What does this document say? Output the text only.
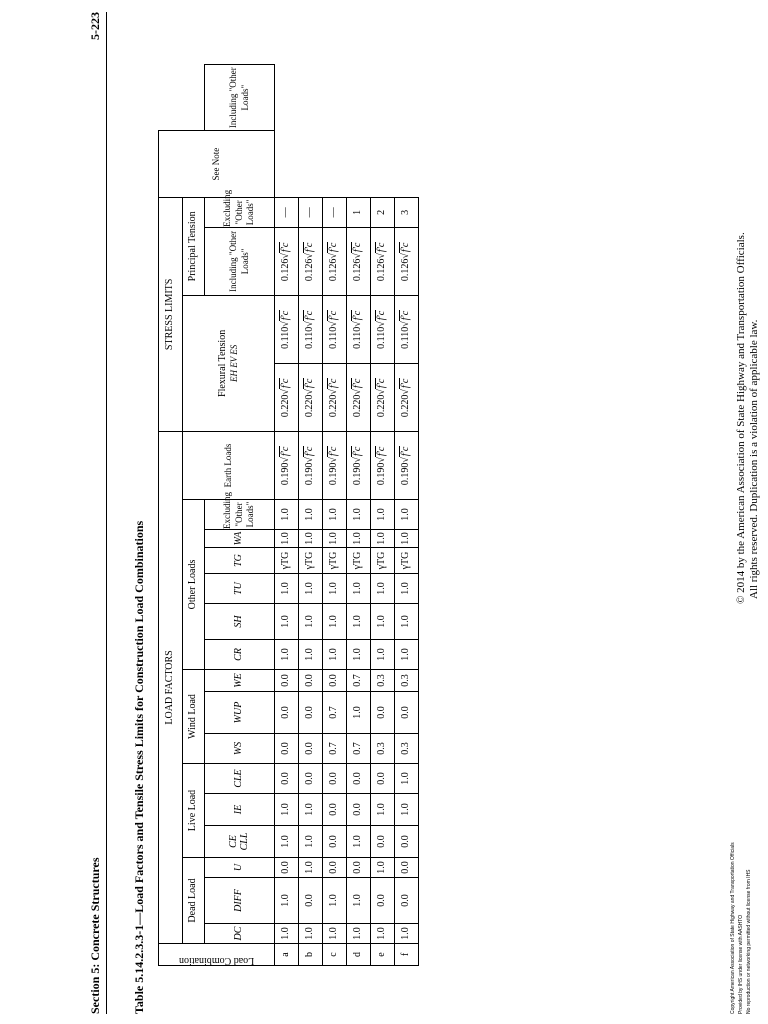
Section 5: Concrete Structures
5-223
Table 5.14.2.3.3-1—Load Factors and Tensile Stress Limits for Construction Load Combinations	Load Combination	LOAD FACTORS																STRESS LIMITS				See Note	
	Dead Load			Live Load			Wind Load			Other Loads						Earth Loads	Flexural Tension EH EV ES		Principal Tension			
	DC	DIFF	U	CE CLL	IE	CLE	WS	WUP	WE	CR	SH	TU	TG	WA	Excluding "Other Loads"				Including "Other Loads"	Excluding "Other Loads"		Including "Other Loads"
a	1.0	1.0	0.0	1.0	1.0	0.0	0.0	0.0	0.0	1.0	1.0	1.0	γTG	1.0	1.0	0.190√f′c	0.220√f′c	0.110√f′c	0.126√f′c	—		
b	1.0	0.0	1.0	1.0	1.0	0.0	0.0	0.0	0.0	1.0	1.0	1.0	γTG	1.0	1.0	0.190√f′c	0.220√f′c	0.110√f′c	0.126√f′c	—		
c	1.0	1.0	0.0	0.0	0.0	0.0	0.7	0.7	0.0	1.0	1.0	1.0	γTG	1.0	1.0	0.190√f′c	0.220√f′c	0.110√f′c	0.126√f′c	—		
d	1.0	1.0	0.0	1.0	0.0	0.0	0.7	1.0	0.7	1.0	1.0	1.0	γTG	1.0	1.0	0.190√f′c	0.220√f′c	0.110√f′c	0.126√f′c	1		
e	1.0	0.0	1.0	0.0	1.0	0.0	0.3	0.0	0.3	1.0	1.0	1.0	γTG	1.0	1.0	0.190√f′c	0.220√f′c	0.110√f′c	0.126√f′c	2		
f	1.0	0.0	0.0	0.0	1.0	1.0	0.3	0.0	0.3	1.0	1.0	1.0	γTG	1.0	1.0	0.190√f′c	0.220√f′c	0.110√f′c	0.126√f′c	3		
© 2014 by the American Association of State Highway and Transportation Officials. All rights reserved. Duplication is a violation of applicable law.
Copyright American Association of State Highway and Transportation Officials Provided by IHS under license with AASHTO No reproduction or networking permitted without license from IHS
